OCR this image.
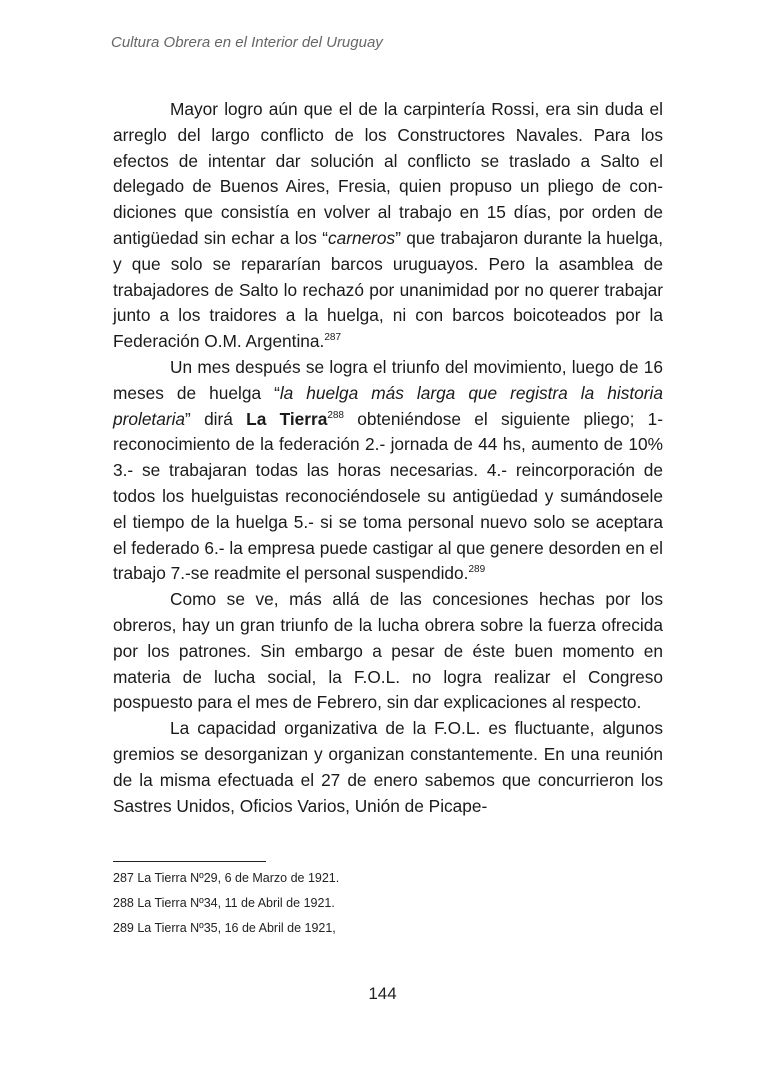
Cultura Obrera en el Interior del Uruguay

Mayor logro aún que el de la carpintería Rossi, era sin duda el arreglo del largo conflicto de los Constructores Navales. Para los efectos de intentar dar solución al conflicto se traslado a Salto el delegado de Buenos Aires, Fresia, quien propuso un pliego de condiciones que consistía en volver al trabajo en 15 días, por orden de antigüedad sin echar a los “carneros” que trabajaron durante la huelga, y que solo se repararían barcos uruguayos. Pero la asamblea de trabajadores de Salto lo rechazó por unanimidad por no querer trabajar junto a los traidores a la huelga, ni con barcos boicoteados por la Federación O.M. Argentina.$^{287}$

Un mes después se logra el triunfo del movimiento, luego de 16 meses de huelga “la huelga más larga que registra la historia proletaria” dirá La Tierra$^{288}$ obteniéndose el siguiente pliego; 1- reconocimiento de la federación 2.- jornada de 44 hs, aumento de 10% 3.- se trabajaran todas las horas necesarias. 4.- reincorporación de todos los huelguistas reconociéndosele su antigüedad y sumándosele el tiempo de la huelga 5.- si se toma personal nuevo solo se aceptara el federado 6.- la empresa puede castigar al que genere desorden en el trabajo 7.-se readmite el personal suspendido.$^{289}$

Como se ve, más allá de las concesiones hechas por los obreros, hay un gran triunfo de la lucha obrera sobre la fuerza ofrecida por los patrones. Sin embargo a pesar de éste buen momento en materia de lucha social, la F.O.L. no logra realizar el Congreso pospuesto para el mes de Febrero, sin dar explicaciones al respecto.

La capacidad organizativa de la F.O.L. es fluctuante, algunos gremios se desorganizan y organizan constantemente. En una reunión de la misma efectuada el 27 de enero sabemos que concurrieron los Sastres Unidos, Oficios Varios, Unión de Picape-

287 La Tierra Nº29, 6 de Marzo de 1921.
288 La Tierra Nº34, 11 de Abril de 1921.
289 La Tierra Nº35, 16 de Abril de 1921,
144
